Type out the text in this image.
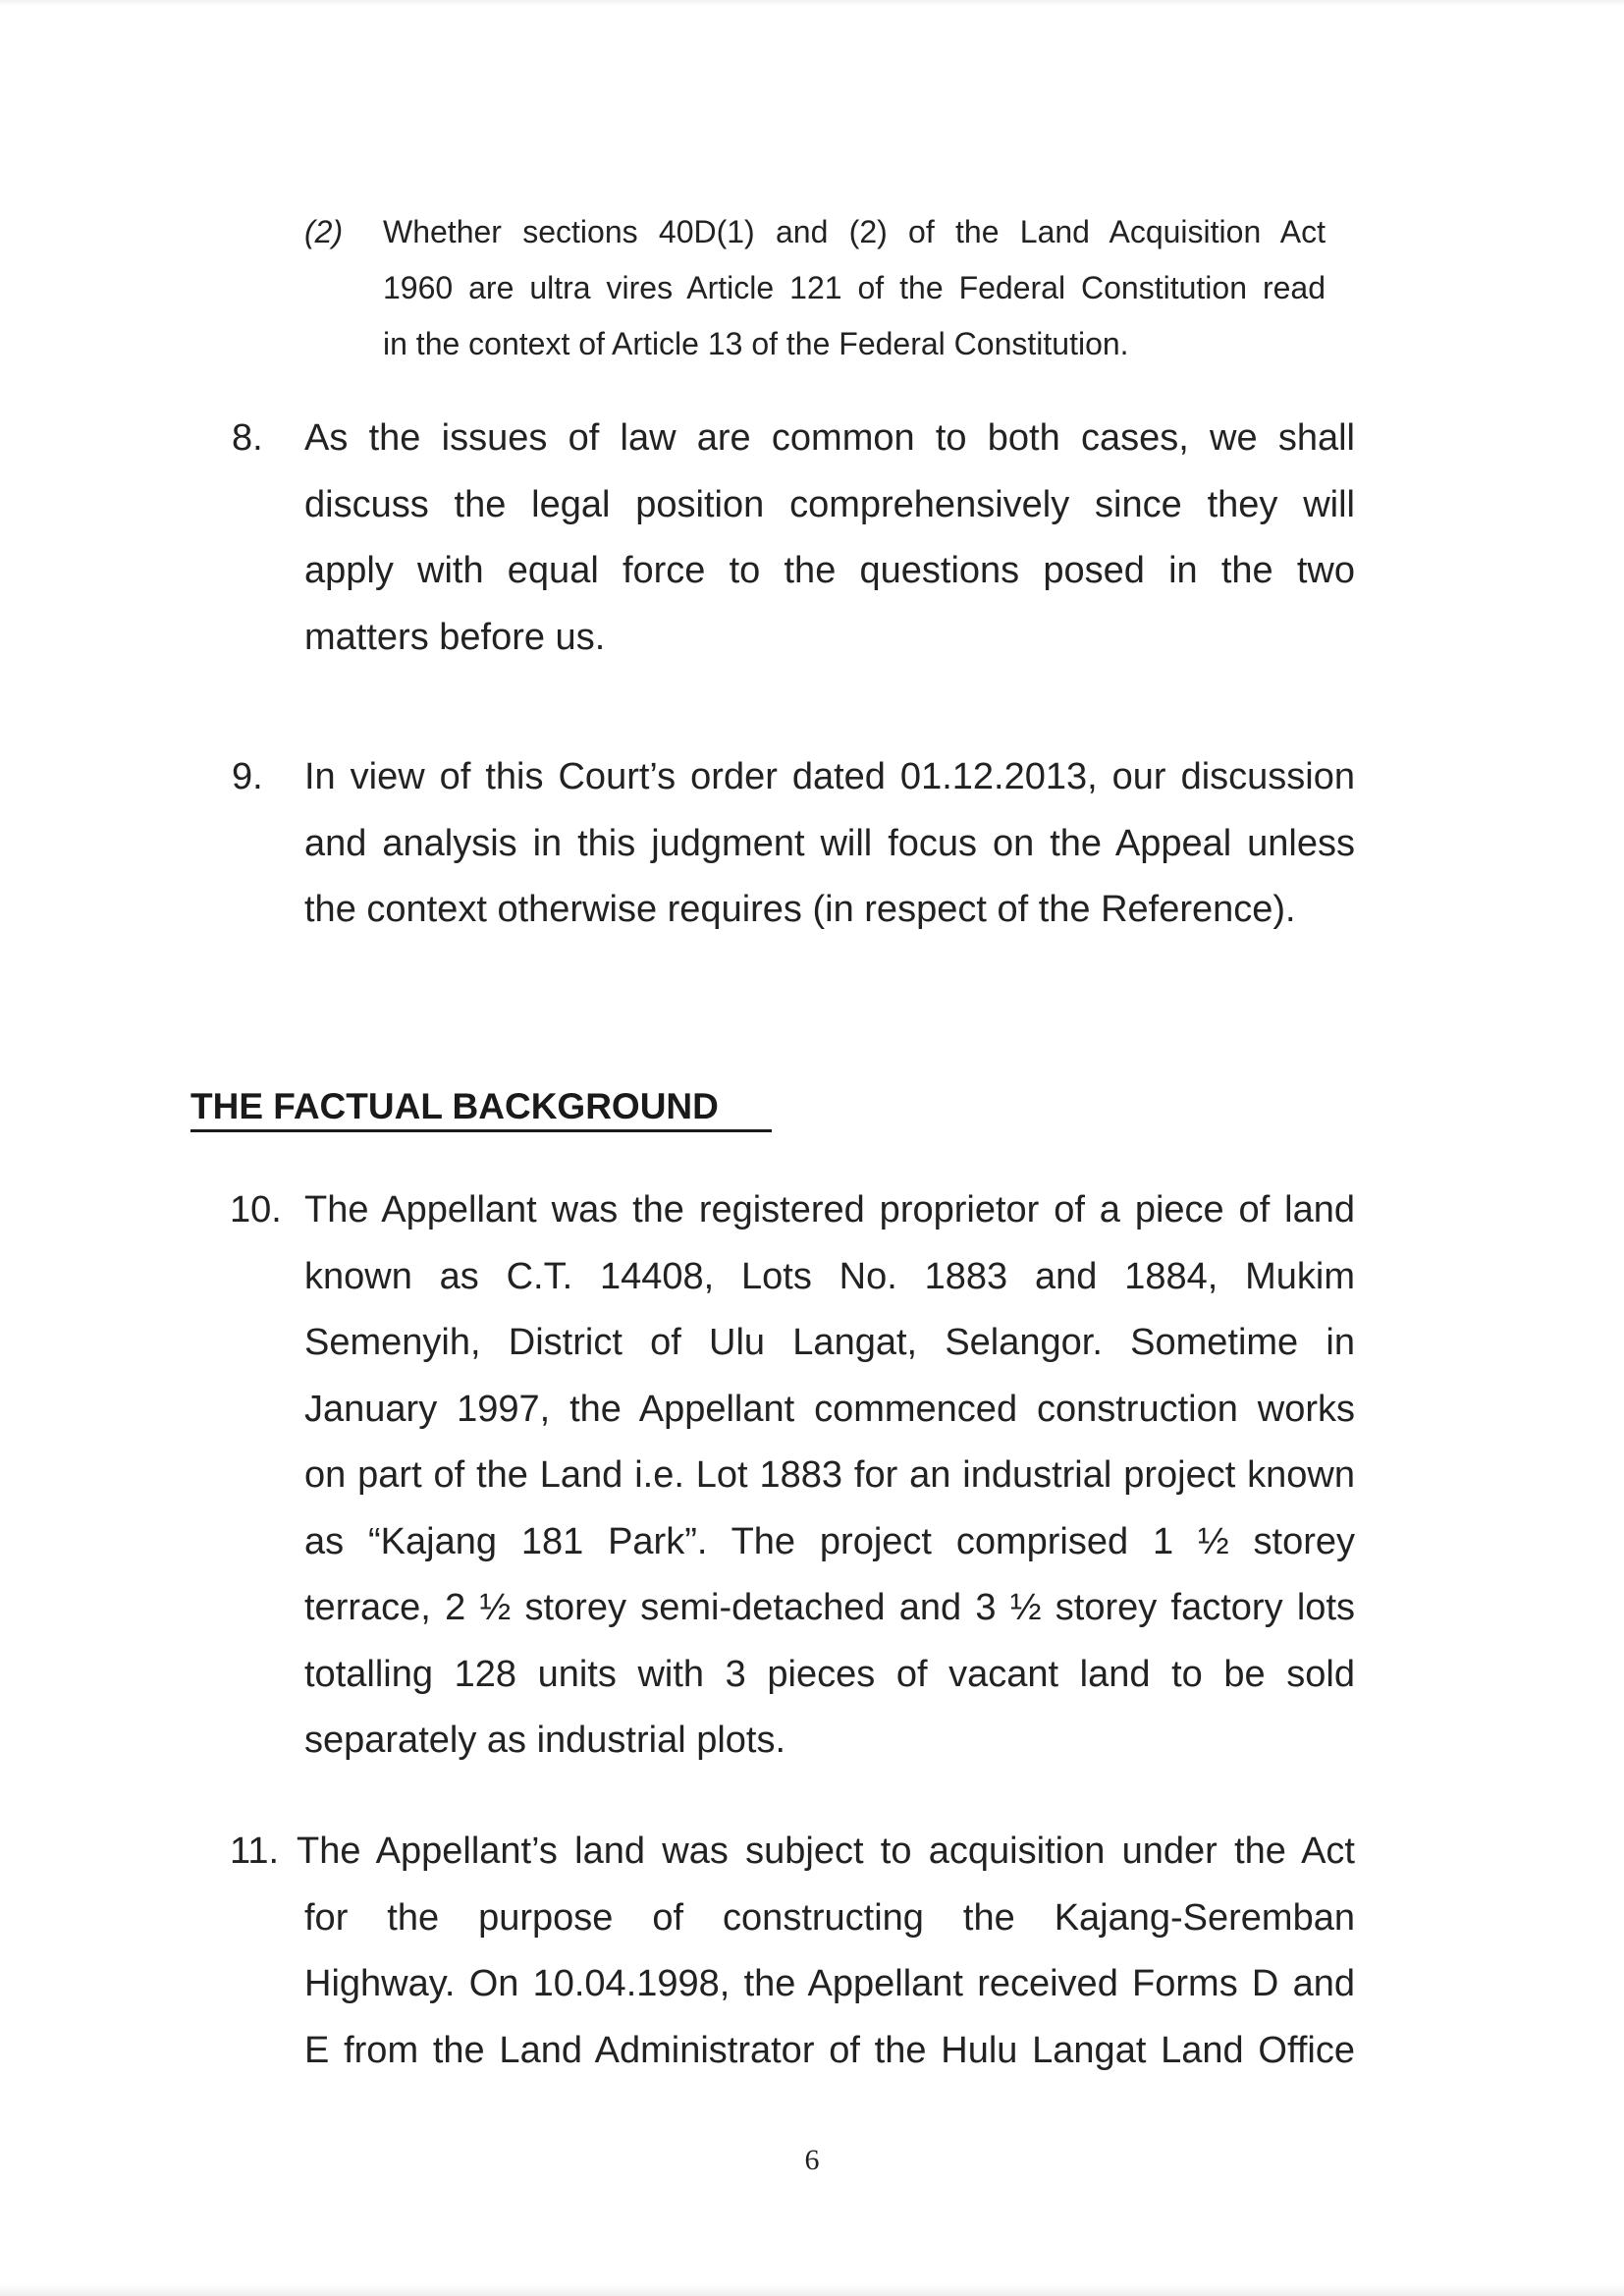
(2) Whether sections 40D(1) and (2) of the Land Acquisition Act
1960 are ultra vires Article 121 of the Federal Constitution read
in the context of Article 13 of the Federal Constitution.
8. As the issues of law are common to both cases, we shall
discuss the legal position comprehensively since they will
apply with equal force to the questions posed in the two
matters before us.
9. In view of this Court’s order dated 01.12.2013, our discussion
and analysis in this judgment will focus on the Appeal unless
the context otherwise requires (in respect of the Reference).
THE FACTUAL BACKGROUND
10. The Appellant was the registered proprietor of a piece of land
known as C.T. 14408, Lots No. 1883 and 1884, Mukim
Semenyih, District of Ulu Langat, Selangor. Sometime in
January 1997, the Appellant commenced construction works
on part of the Land i.e. Lot 1883 for an industrial project known
as “Kajang 181 Park”. The project comprised 1 ½ storey
terrace, 2 ½ storey semi-detached and 3 ½ storey factory lots
totalling 128 units with 3 pieces of vacant land to be sold
separately as industrial plots.
11. The Appellant’s land was subject to acquisition under the Act
for the purpose of constructing the Kajang-Seremban
Highway. On 10.04.1998, the Appellant received Forms D and
E from the Land Administrator of the Hulu Langat Land Office
6
